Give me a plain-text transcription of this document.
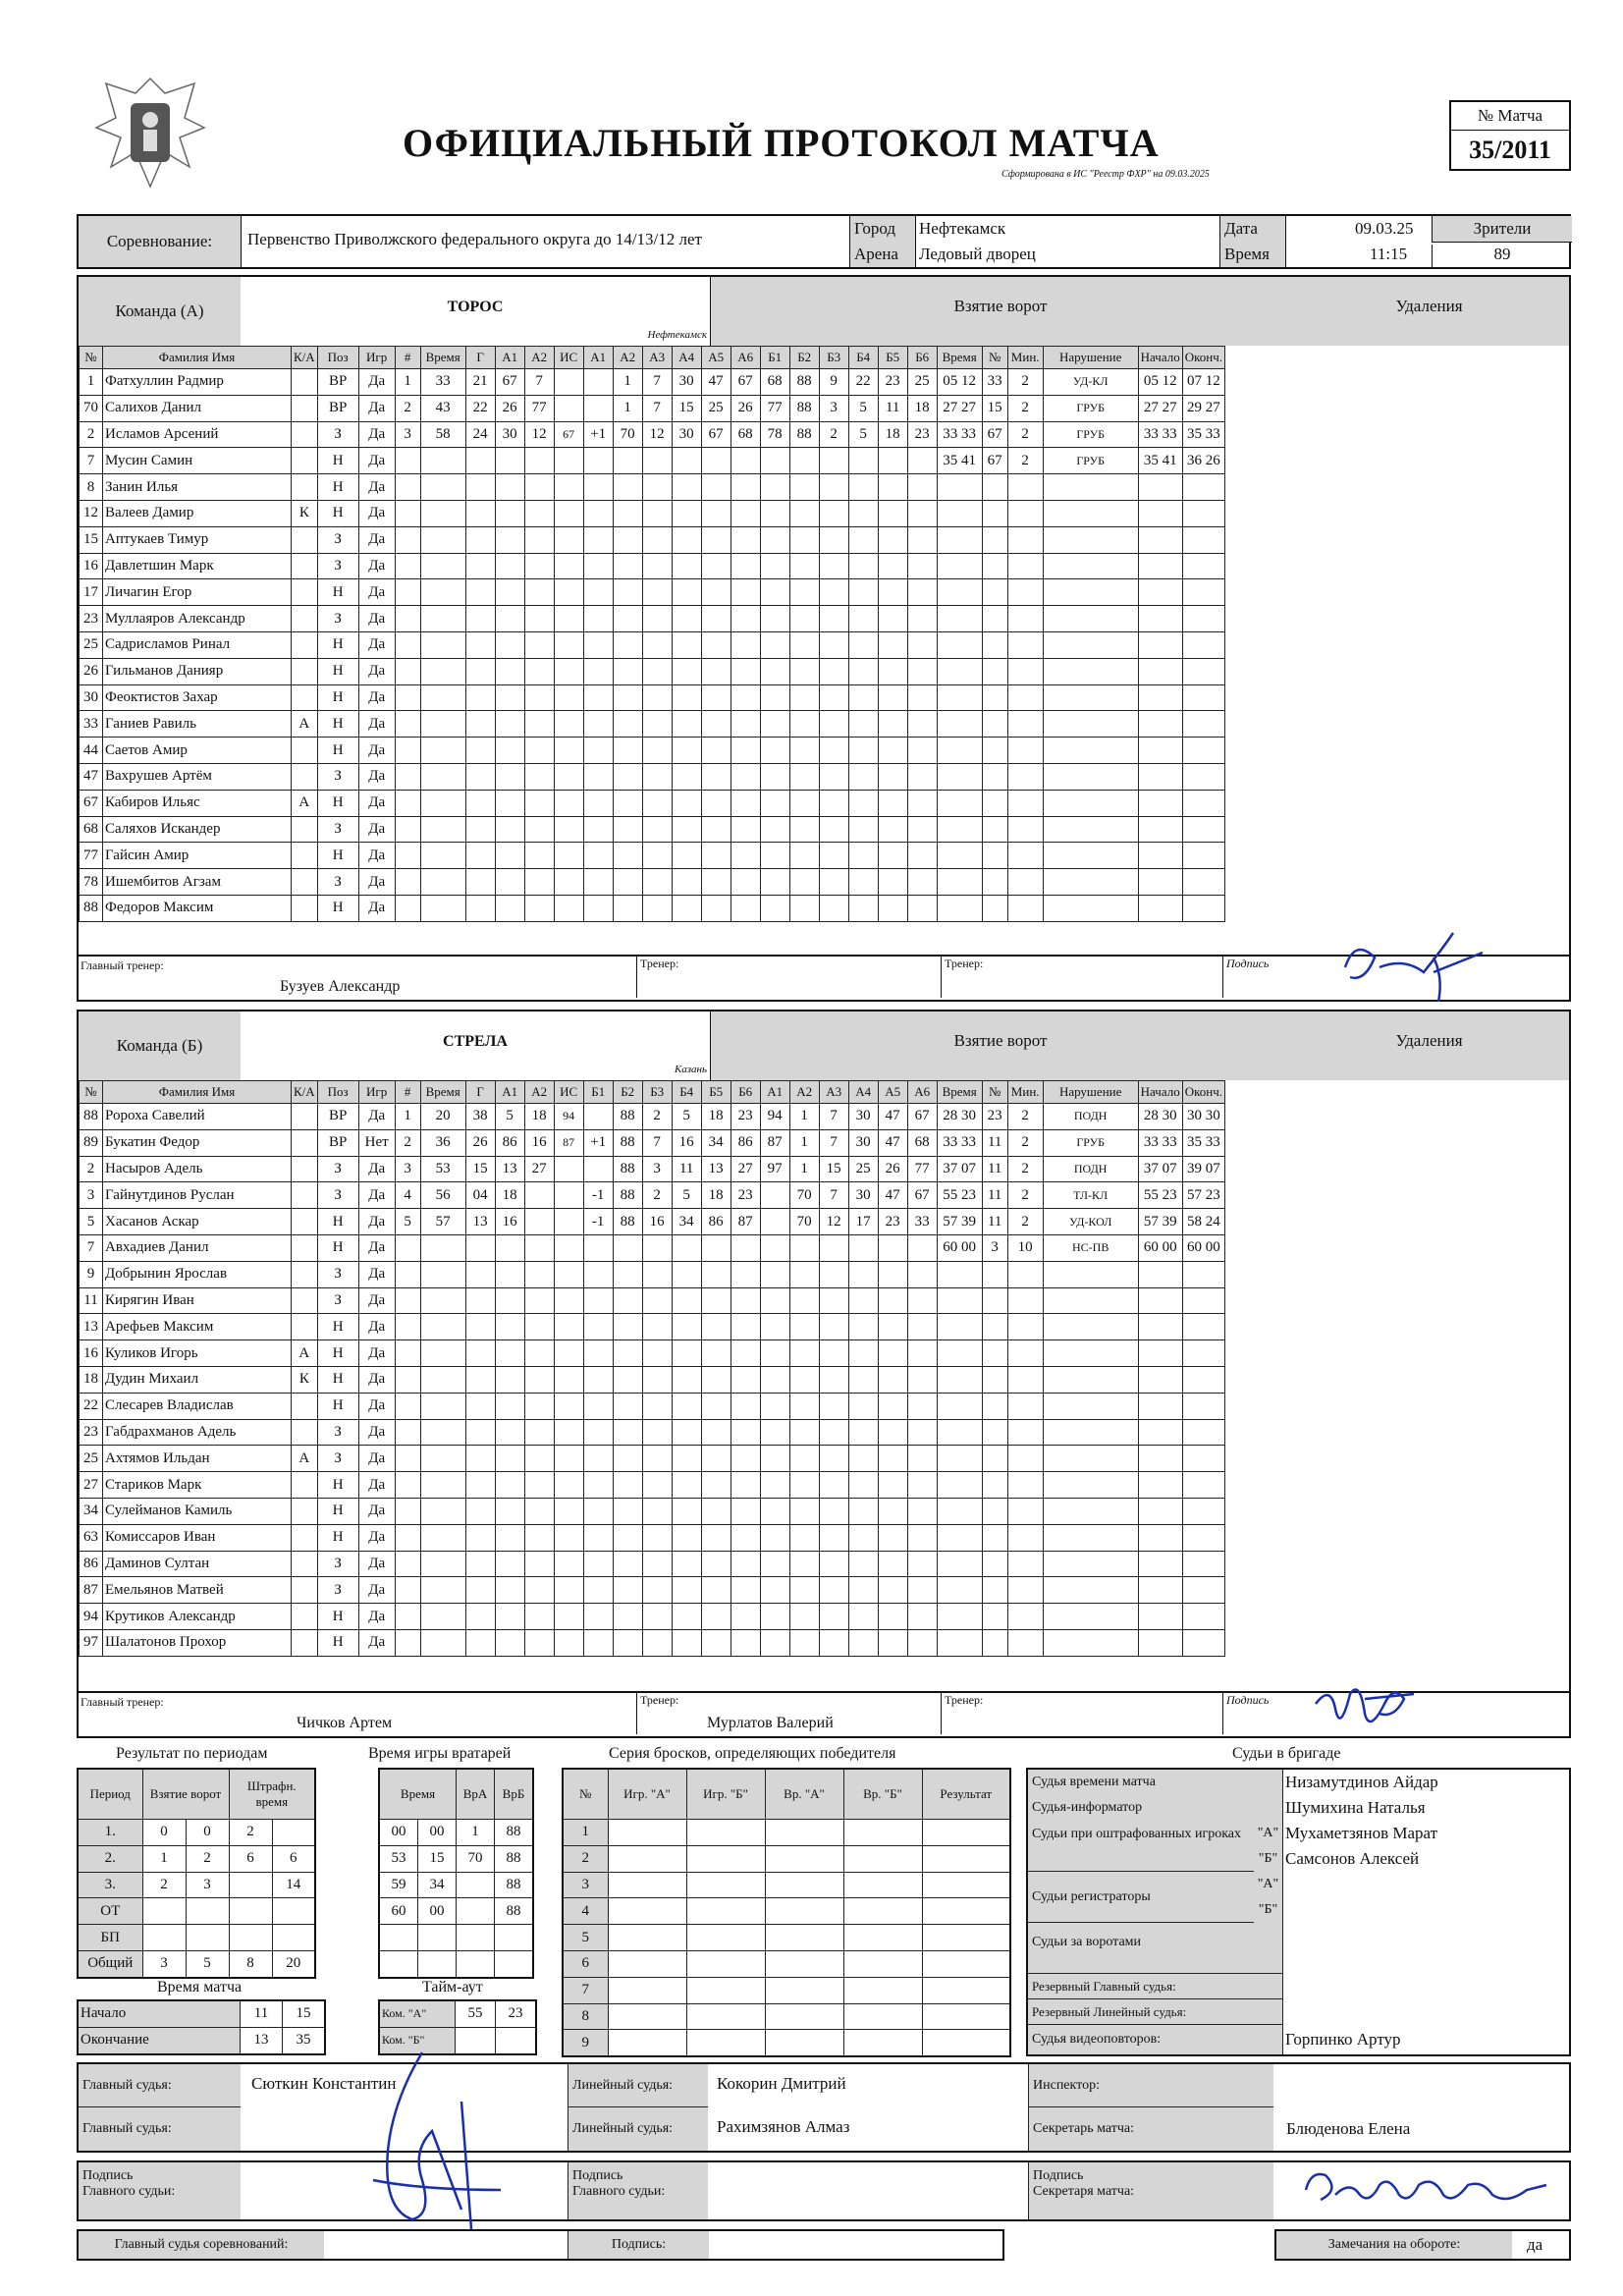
ОФИЦИАЛЬНЫЙ ПРОТОКОЛ МАТЧА
Сформирована в ИС "Реестр ФХР" на 09.03.2025
№ Матча
35/2011
Соревнование:	Первенство Приволжского федерального округа до 14/13/12 лет
Город	Нефтекамск
Арена	Ледовый дворец
Дата	09.03.25
Время	11:15
Зрители
89
Команда (А)	ТОРОС
Нефтекамск
Взятие ворот	Удаления
№	Фамилия Имя	К/А	Поз	Игр	#	Время	Г	А1	А2	ИС	А1	А2	А3	А4	А5	А6	Б1	Б2	Б3	Б4	Б5	Б6	Время	№	Мин.	Нарушение	Начало	Оконч.
1	Фатхуллин Радмир		ВР	Да	1	33	21	67	7			1	7	30	47	67	68	88	9	22	23	25	05 12	33	2	УД-КЛ	05 12	07 12
70	Салихов Данил		ВР	Да	2	43	22	26	77			1	7	15	25	26	77	88	3	5	11	18	27 27	15	2	ГРУБ	27 27	29 27
2	Исламов Арсений		З	Да	3	58	24	30	12	67	+1	70	12	30	67	68	78	88	2	5	18	23	33 33	67	2	ГРУБ	33 33	35 33
7	Мусин Самин		Н	Да																			35 41	67	2	ГРУБ	35 41	36 26
8	Занин Илья		Н	Да																								
12	Валеев Дамир	К	Н	Да																								
15	Аптукаев Тимур		З	Да																								
16	Давлетшин Марк		З	Да																								
17	Личагин Егор		Н	Да																								
23	Муллаяров Александр		З	Да																								
25	Садрисламов Ринал		Н	Да																								
26	Гильманов Данияр		Н	Да																								
30	Феоктистов Захар		Н	Да																								
33	Ганиев Равиль	А	Н	Да																								
44	Саетов Амир		Н	Да																								
47	Вахрушев Артём		З	Да																								
67	Кабиров Ильяс	А	Н	Да																								
68	Саляхов Искандер		З	Да																								
77	Гайсин Амир		Н	Да																								
78	Ишембитов Агзам		З	Да																								
88	Федоров Максим		Н	Да																								
Главный тренер:
Бузуев Александр
Тренер:	Тренер:	Подпись
Команда (Б)	СТРЕЛА
Казань
Взятие ворот	Удаления
№	Фамилия Имя	К/А	Поз	Игр	#	Время	Г	А1	А2	ИС	Б1	Б2	Б3	Б4	Б5	Б6	А1	А2	А3	А4	А5	А6	Время	№	Мин.	Нарушение	Начало	Оконч.
88	Ророха Савелий		ВР	Да	1	20	38	5	18	94		88	2	5	18	23	94	1	7	30	47	67	28 30	23	2	ПОДН	28 30	30 30
89	Букатин Федор		ВР	Нет	2	36	26	86	16	87	+1	88	7	16	34	86	87	1	7	30	47	68	33 33	11	2	ГРУБ	33 33	35 33
2	Насыров Адель		З	Да	3	53	15	13	27			88	3	11	13	27	97	1	15	25	26	77	37 07	11	2	ПОДН	37 07	39 07
3	Гайнутдинов Руслан		З	Да	4	56	04	18			-1	88	2	5	18	23		70	7	30	47	67	55 23	11	2	ТЛ-КЛ	55 23	57 23
5	Хасанов Аскар		Н	Да	5	57	13	16			-1	88	16	34	86	87		70	12	17	23	33	57 39	11	2	УД-КОЛ	57 39	58 24
7	Авхадиев Данил		Н	Да																			60 00	3	10	НС-ПВ	60 00	60 00
9	Добрынин Ярослав		З	Да																								
11	Кирягин Иван		З	Да																								
13	Арефьев Максим		Н	Да																								
16	Куликов Игорь	А	Н	Да																								
18	Дудин Михаил	К	Н	Да																								
22	Слесарев Владислав		Н	Да																								
23	Габдрахманов Адель		З	Да																								
25	Ахтямов Ильдан	А	З	Да																								
27	Стариков Марк		Н	Да																								
34	Сулейманов Камиль		Н	Да																								
63	Комиссаров Иван		Н	Да																								
86	Даминов Султан		З	Да																								
87	Емельянов Матвей		З	Да																								
94	Крутиков Александр		Н	Да																								
97	Шалатонов Прохор		Н	Да																								
Главный тренер:
Чичков Артем
Тренер:
Мурлатов Валерий
Тренер:	Подпись
Результат по периодам	Время игры вратарей	Серия бросков, определяющих победителя	Судьи в бригаде
Период	Взятие ворот		Штрафн. время	
1.	0	0	2	
2.	1	2	6	6
3.	2	3		14
ОТ				
БП				
Общий	3	5	8	20
Время матча
Начало	11	15
Окончание	13	35
Время		ВрА	ВрБ
00	00	1	88
53	15	70	88
59	34		88
60	00		88

Тайм-аут
Ком. "А"	55	23
Ком. "Б"		
№	Игр. "А"	Игр. "Б"	Вр. "А"	Вр. "Б"	Результат
1					
2					
3					
4					
5					
6					
7					
8					
9					
Судья времени матча	Низамутдинов Айдар
Судья-информатор	Шумихина Наталья
Судьи при оштрафованных игроках	"А" Мухаметзянов Марат
"Б" Самсонов Алексей
Судьи регистраторы
"А"
"Б"
Судьи за воротами
Резервный Главный судья:
Резервный Линейный судья:
Судья видеоповторов:	Горпинко Артур
Главный судья:	Сюткин Константин
Главный судья:
Линейный судья:	Кокорин Дмитрий
Линейный судья:	Рахимзянов Алмаз
Инспектор:
Секретарь матча:	Блюденова Елена
Подпись
Главного судьи:
Подпись
Главного судьи:
Подпись
Секретаря матча:
Главный судья соревнований:	Подпись:	Замечания на обороте:	да
